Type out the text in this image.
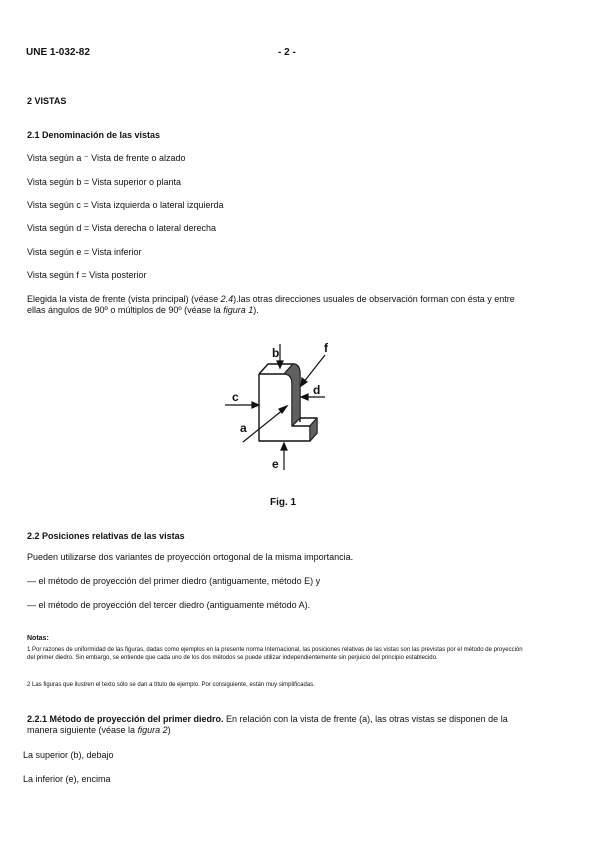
UNE 1-032-82	- 2 -
2 VISTAS
2.1 Denominación de las vistas
Vista según a ⁻ Vista de frente o alzado
Vista según b = Vista superior o planta
Vista según c = Vista izquierda o lateral izquierda
Vista según d = Vista derecha o lateral derecha
Vista según e = Vista inferior
Vista según f = Vista posterior
Elegida la vista de frente (vista principal) (véase 2.4).las otras direcciones usuales de observación forman con ésta y entre ellas ángulos de 90º o múltiplos de 90º (véase la figura 1).
b	f
c	d
a
e
Fig. 1
2.2 Posiciones relativas de las vistas
Pueden utilizarse dos variantes de proyección ortogonal de la misma importancia.
— el método de proyección del primer diedro (antiguamente, método E) y
— el método de proyección del tercer diedro (antiguamente método A).
Notas:
1 Por razones de uniformidad de las figuras, dadas como ejemplos en la presente norma Internacional, las posiciones relativas de las vistas son las previstas por el método de proyección del primer diedro. Sin embargo, se entiende que cada uno de los dos métodos se puede utilizar independientemente sin perjuicio del principio establecido.
2 Las figuras que ilustren el texto sólo se dan a título de ejemplo. Por consiguiente, están muy simplificadas.
2.2.1 Método de proyección del primer diedro. En relación con la vista de frente (a), las otras vistas se disponen de la manera siguiente (véase la figura 2)
La superior (b), debajo
La inferior (e), encima
